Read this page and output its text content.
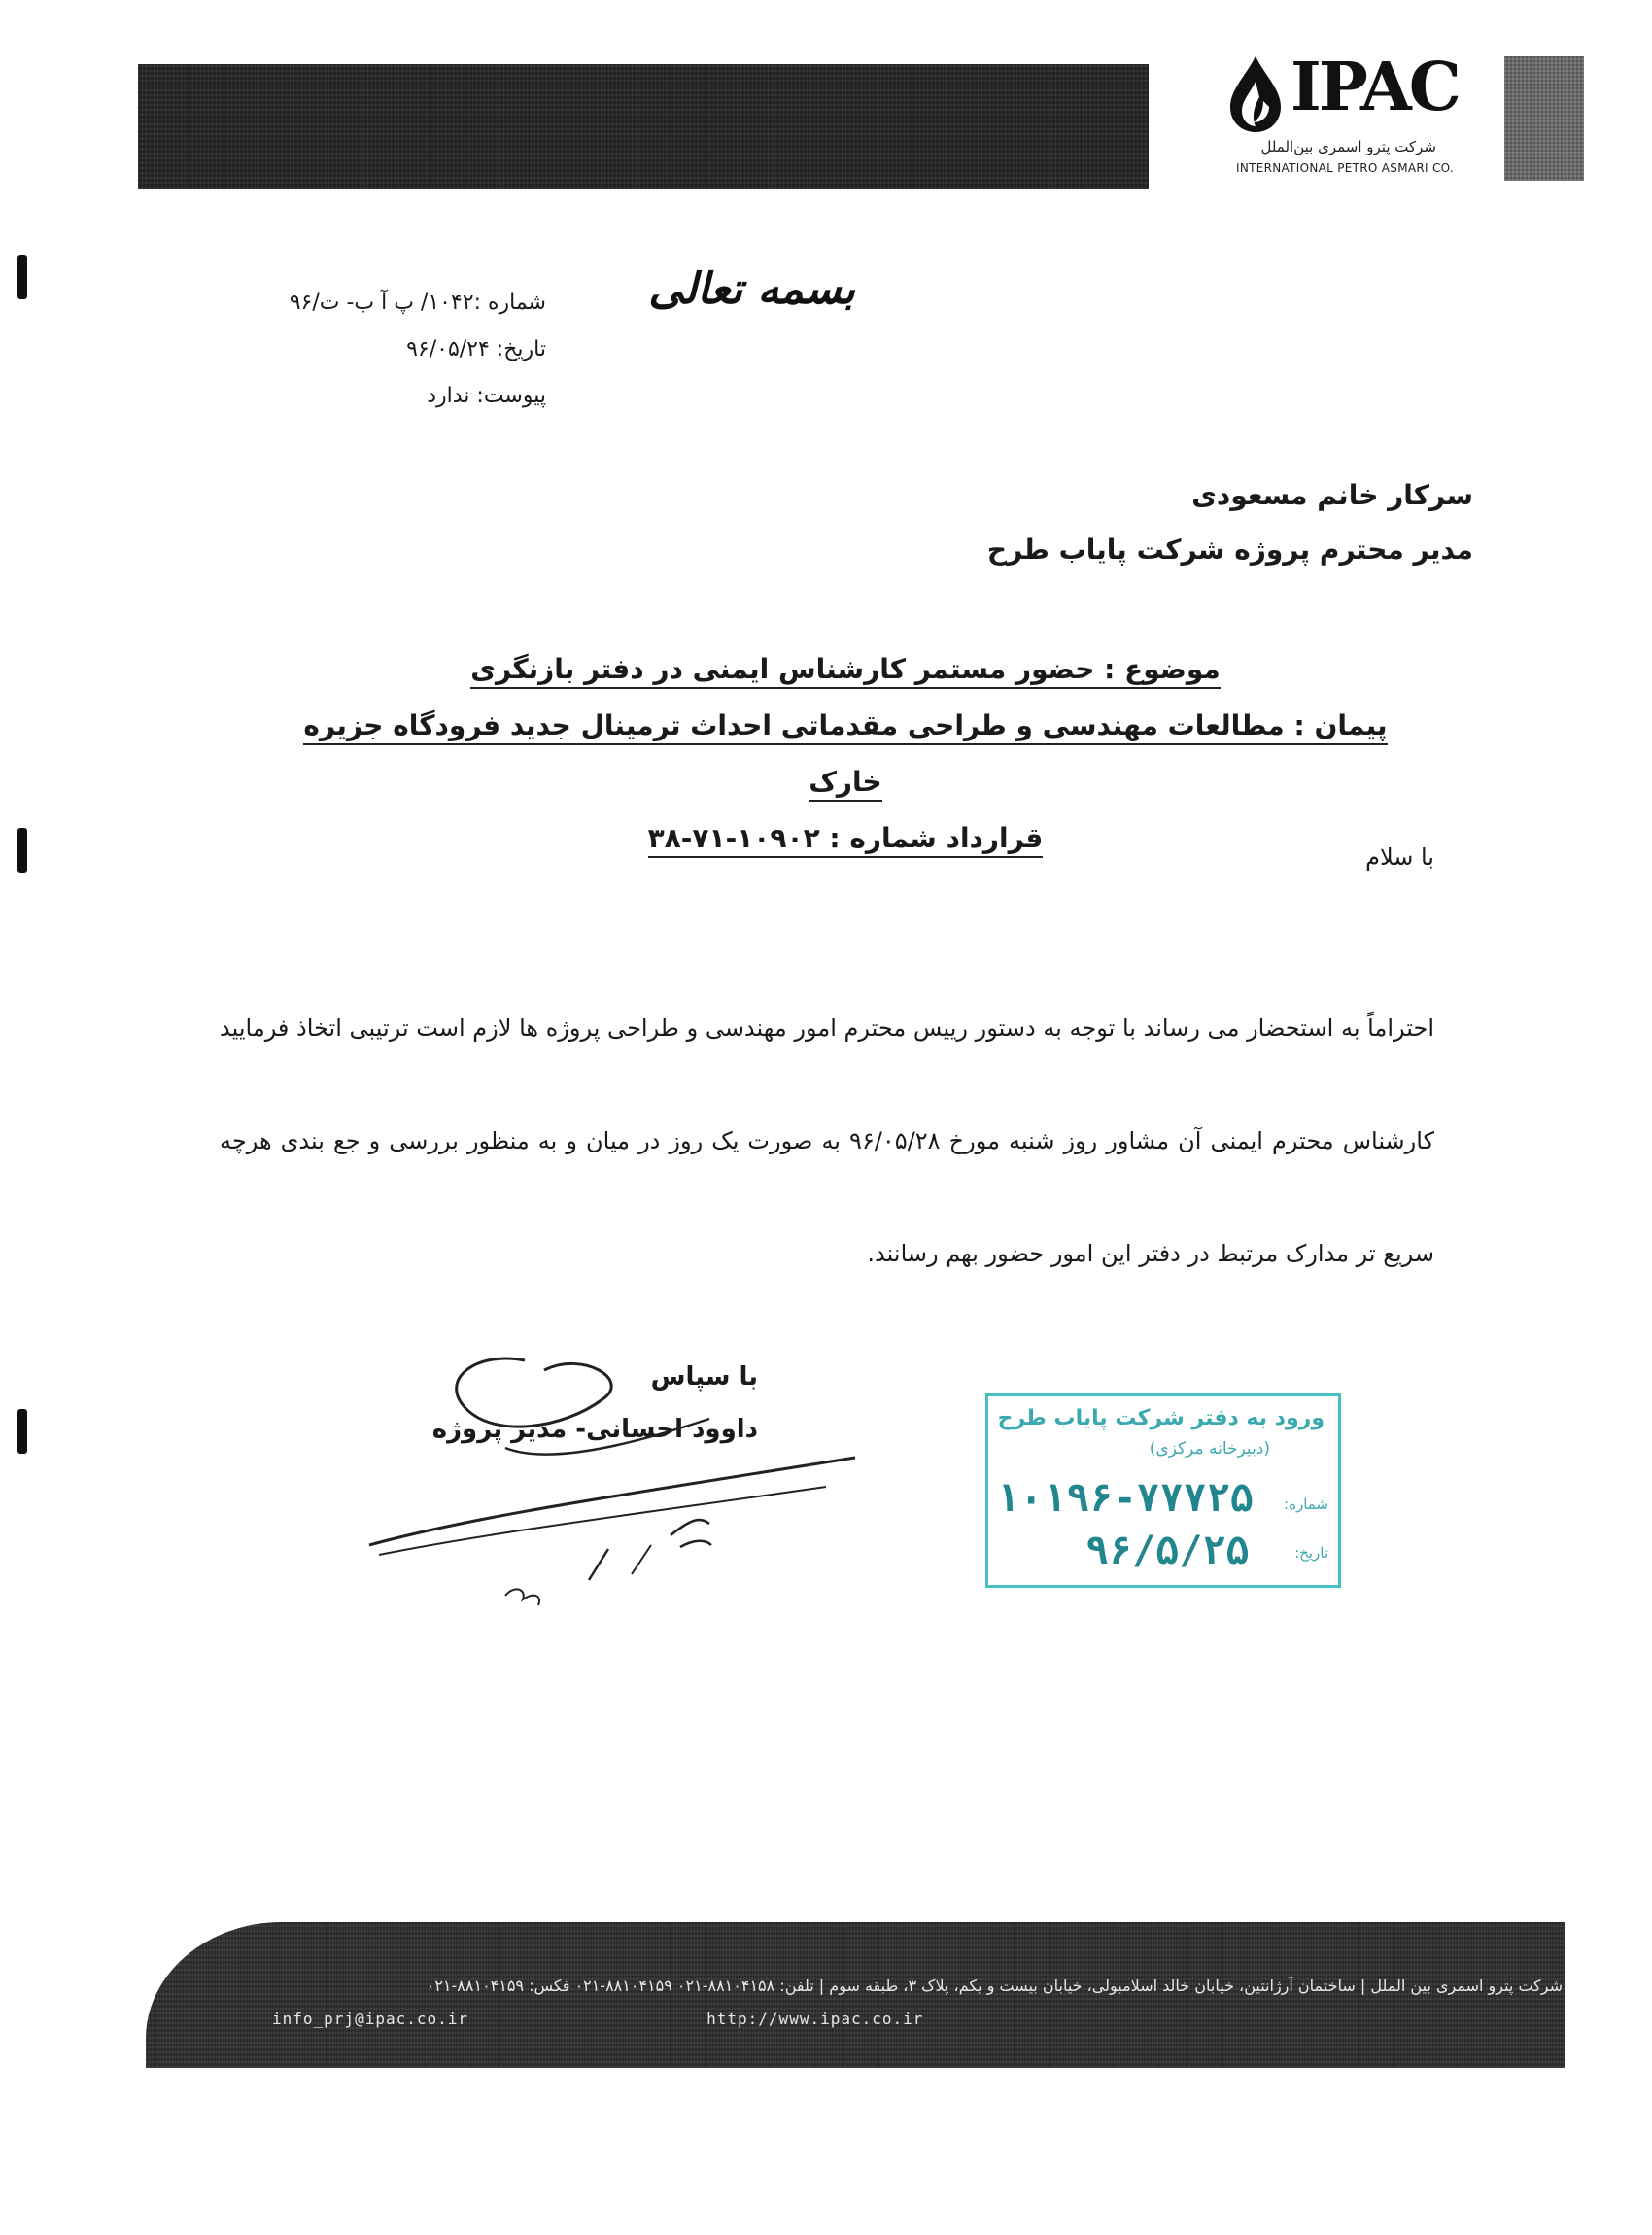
IPAC
شرکت پترو اسمری بین‌الملل
INTERNATIONAL PETRO ASMARI CO.
بسمه تعالی
شماره :۱۰۴۲/ پ آ ب- ت/۹۶
تاریخ: ۹۶/۰۵/۲۴
پیوست: ندارد
سرکار خانم مسعودی
مدیر محترم پروژه شرکت پایاب طرح
موضوع : حضور مستمر کارشناس ایمنی در دفتر بازنگری
پیمان : مطالعات مهندسی و طراحی مقدماتی احداث ترمینال جدید فرودگاه جزیره خارک
قرارداد شماره : ۱۰۹۰۲-۷۱-۳۸
با سلام
احتراماً به استحضار می رساند با توجه به دستور ریيس محترم امور مهندسی و طراحی پروژه ها لازم است ترتیبی اتخاذ فرمایید کارشناس محترم ایمنی آن مشاور روز شنبه مورخ ۹۶/۰۵/۲۸ به صورت یک روز در میان و به منظور بررسی و جع بندی هرچه سریع تر مدارک مرتبط در دفتر این امور حضور بهم رسانند.
با سپاس
داوود احسانی- مدیر پروژه	ورود به دفتر شرکت پایاب طرح
(دبیرخانه مرکزی)
شماره:
۱۰۱۹۶-۷۷۷۲۵
تاریخ:
۹۶/۵/۲۵
شرکت پترو اسمری بین الملل | ساختمان آرژانتین، خیابان خالد اسلامبولی، خیابان بیست و یکم، پلاک ۳، طبقه سوم | تلفن: ۸۸۱۰۴۱۵۸-۰۲۱ ۸۸۱۰۴۱۵۹-۰۲۱ فکس: ۸۸۱۰۴۱۵۹-۰۲۱
info_prj@ipac.co.ir	http://www.ipac.co.ir
